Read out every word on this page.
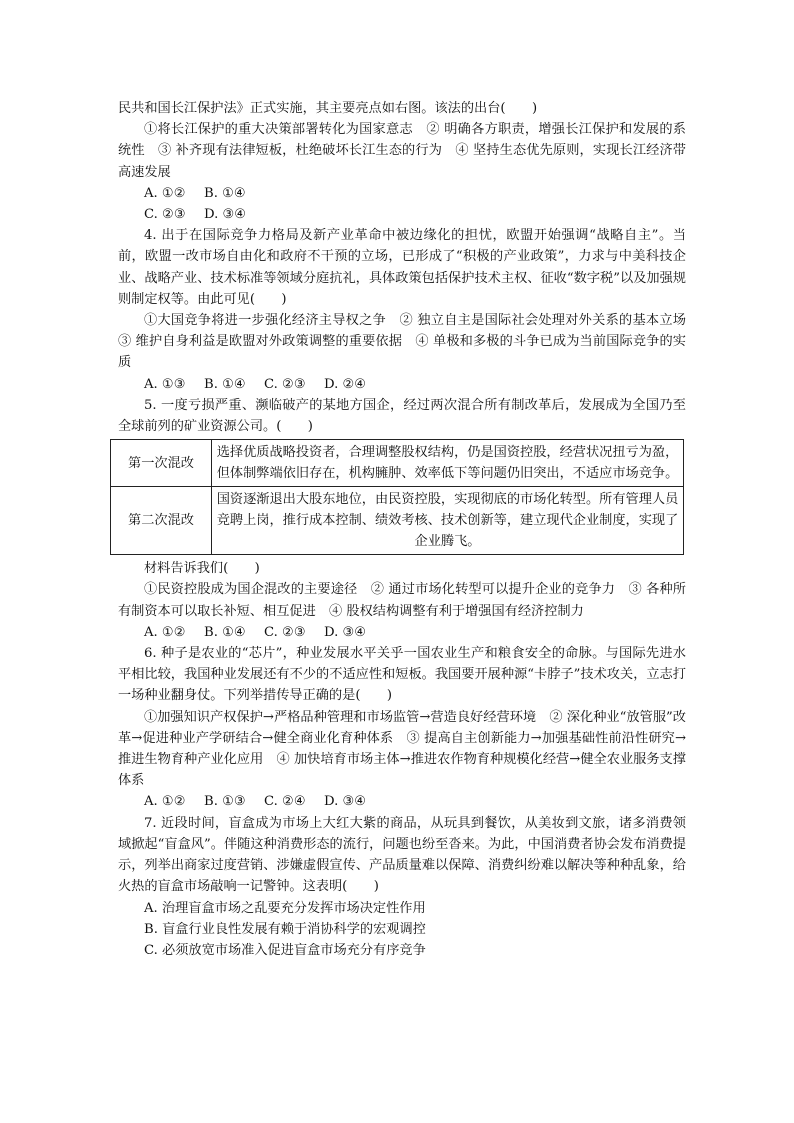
民共和国长江保护法》正式实施，其主要亮点如右图。该法的出台(　　)

①将长江保护的重大决策部署转化为国家意志　② 明确各方职责，增强长江保护和发展的系统性　③ 补齐现有法律短板，杜绝破坏长江生态的行为　④ 坚持生态优先原则，实现长江经济带高速发展

A. ①② B. ①④
C. ②③ D. ③④

4. 出于在国际竞争力格局及新产业革命中被边缘化的担忧，欧盟开始强调“战略自主”。当前，欧盟一改市场自由化和政府不干预的立场，已形成了“积极的产业政策”，力求与中美科技企业、战略产业、技术标准等领域分庭抗礼，具体政策包括保护技术主权、征收“数字税”以及加强规则制定权等。由此可见(　　)

①大国竞争将进一步强化经济主导权之争　② 独立自主是国际社会处理对外关系的基本立场　③ 维护自身利益是欧盟对外政策调整的重要依据　④ 单极和多极的斗争已成为当前国际竞争的实质

A. ①③ B. ①④ C. ②③ D. ②④

5. 一度亏损严重、濒临破产的某地方国企，经过两次混合所有制改革后，发展成为全国乃至全球前列的矿业资源公司。(　　)

第一次混改	选择优质战略投资者，合理调整股权结构，仍是国资控股，经营状况扭亏为盈，但体制弊端依旧存在，机构臃肿、效率低下等问题仍旧突出，不适应市场竞争。
第二次混改	国资逐渐退出大股东地位，由民资控股，实现彻底的市场化转型。所有管理人员竞聘上岗，推行成本控制、绩效考核、技术创新等，建立现代企业制度，实现了企业腾飞。

材料告诉我们(　　)

①民资控股成为国企混改的主要途径　② 通过市场化转型可以提升企业的竞争力　③ 各种所有制资本可以取长补短、相互促进　④ 股权结构调整有利于增强国有经济控制力

A. ①② B. ①④ C. ②③ D. ③④

6. 种子是农业的“芯片”，种业发展水平关乎一国农业生产和粮食安全的命脉。与国际先进水平相比较，我国种业发展还有不少的不适应性和短板。我国要开展种源“卡脖子”技术攻关，立志打一场种业翻身仗。下列举措传导正确的是(　　)

①加强知识产权保护→严格品种管理和市场监管→营造良好经营环境　② 深化种业“放管服”改革→促进种业产学研结合→健全商业化育种体系　③ 提高自主创新能力→加强基础性前沿性研究→推进生物育种产业化应用　④ 加快培育市场主体→推进农作物育种规模化经营→健全农业服务支撑体系

A. ①② B. ①③ C. ②④ D. ③④

7. 近段时间，盲盒成为市场上大红大紫的商品，从玩具到餐饮，从美妆到文旅，诸多消费领域掀起“盲盒风”。伴随这种消费形态的流行，问题也纷至沓来。为此，中国消费者协会发布消费提示，列举出商家过度营销、涉嫌虚假宣传、产品质量难以保障、消费纠纷难以解决等种种乱象，给火热的盲盒市场敲响一记警钟。这表明(　　)

A. 治理盲盒市场之乱要充分发挥市场决定性作用
B. 盲盒行业良性发展有赖于消协科学的宏观调控
C. 必须放宽市场准入促进盲盒市场充分有序竞争
